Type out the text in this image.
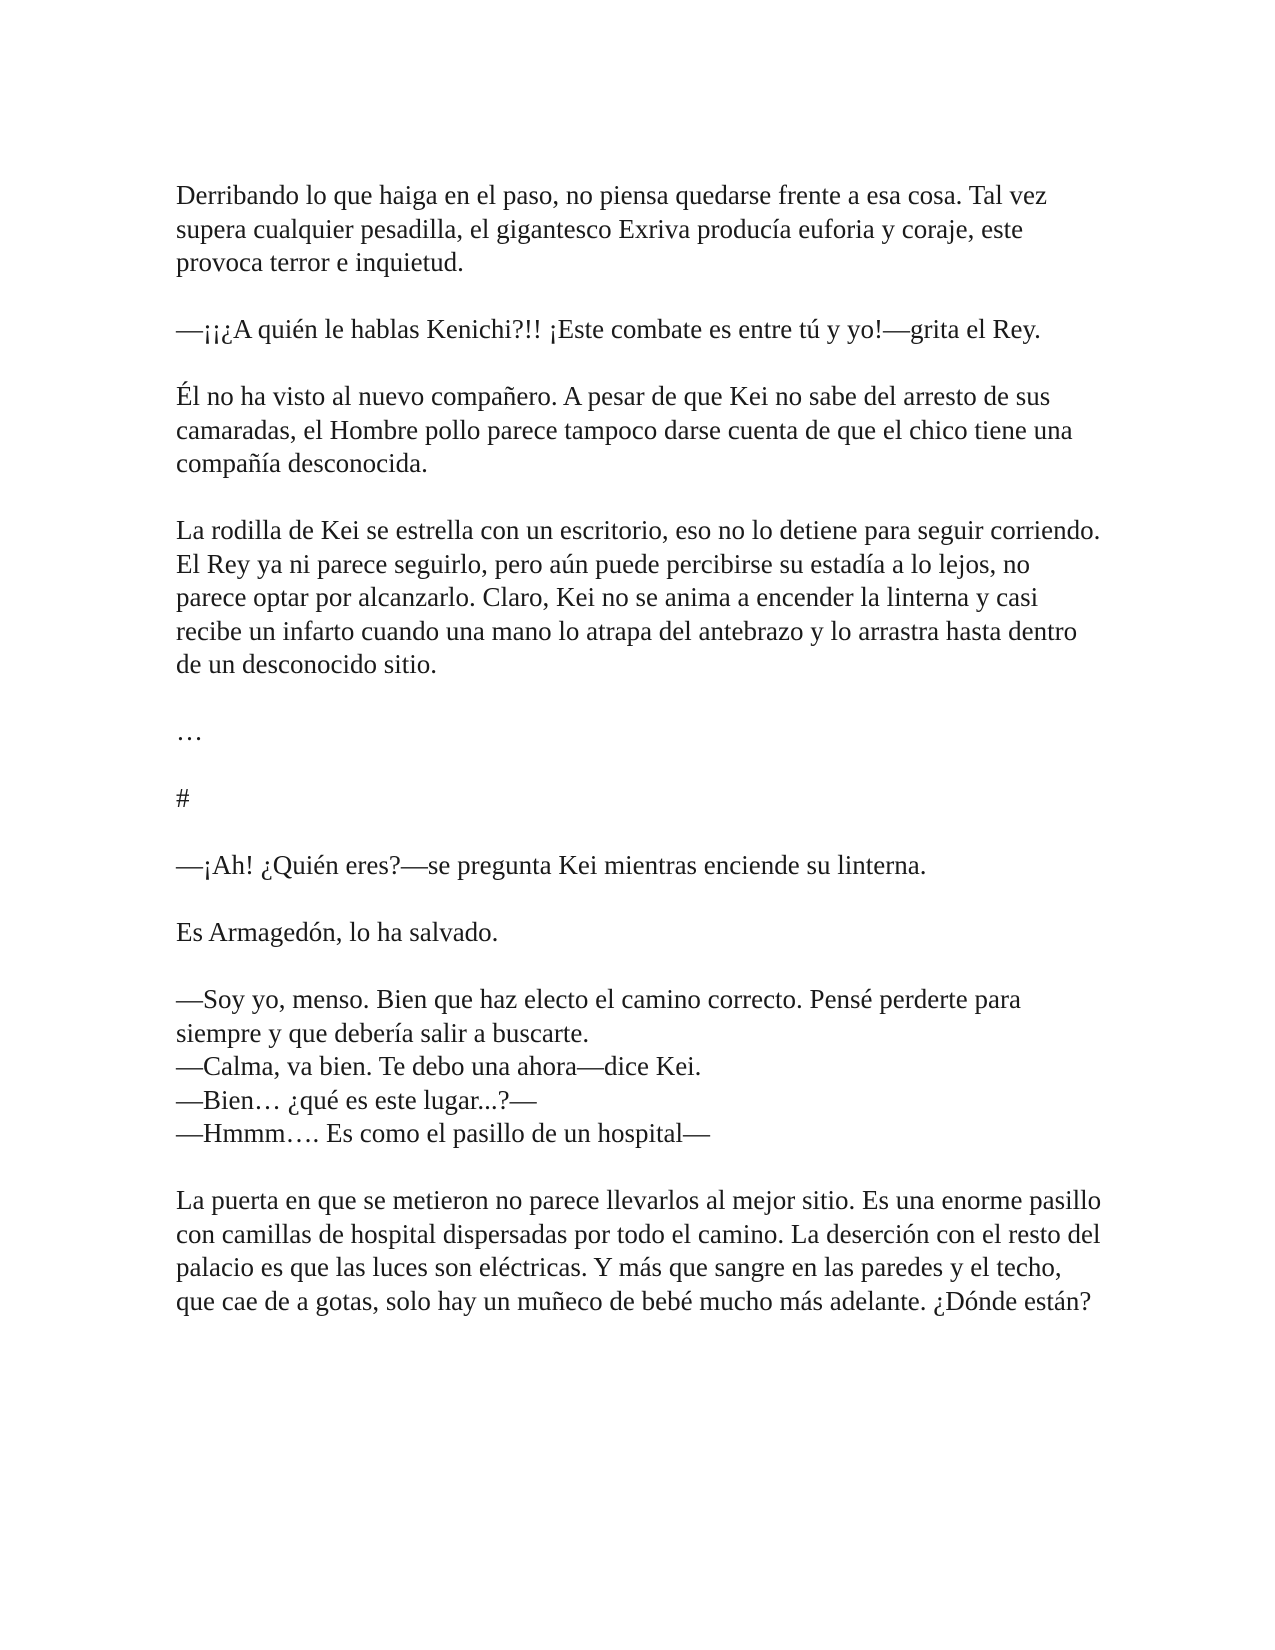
Derribando lo que haiga en el paso, no piensa quedarse frente a esa cosa. Tal vez supera cualquier pesadilla, el gigantesco Exriva producía euforia y coraje, este provoca terror e inquietud.

—¡¡¿A quién le hablas Kenichi?!! ¡Este combate es entre tú y yo!—grita el Rey.

Él no ha visto al nuevo compañero. A pesar de que Kei no sabe del arresto de sus camaradas, el Hombre pollo parece tampoco darse cuenta de que el chico tiene una compañía desconocida.

La rodilla de Kei se estrella con un escritorio, eso no lo detiene para seguir corriendo. El Rey ya ni parece seguirlo, pero aún puede percibirse su estadía a lo lejos, no parece optar por alcanzarlo. Claro, Kei no se anima a encender la linterna y casi recibe un infarto cuando una mano lo atrapa del antebrazo y lo arrastra hasta dentro de un desconocido sitio.

…

#

—¡Ah! ¿Quién eres?—se pregunta Kei mientras enciende su linterna.

Es Armagedón, lo ha salvado.

—Soy yo, menso. Bien que haz electo el camino correcto. Pensé perderte para siempre y que debería salir a buscarte.

—Calma, va bien. Te debo una ahora—dice Kei.

—Bien… ¿qué es este lugar...?—

—Hmmm…. Es como el pasillo de un hospital—

La puerta en que se metieron no parece llevarlos al mejor sitio. Es una enorme pasillo con camillas de hospital dispersadas por todo el camino. La deserción con el resto del palacio es que las luces son eléctricas. Y más que sangre en las paredes y el techo, que cae de a gotas, solo hay un muñeco de bebé mucho más adelante. ¿Dónde están?
